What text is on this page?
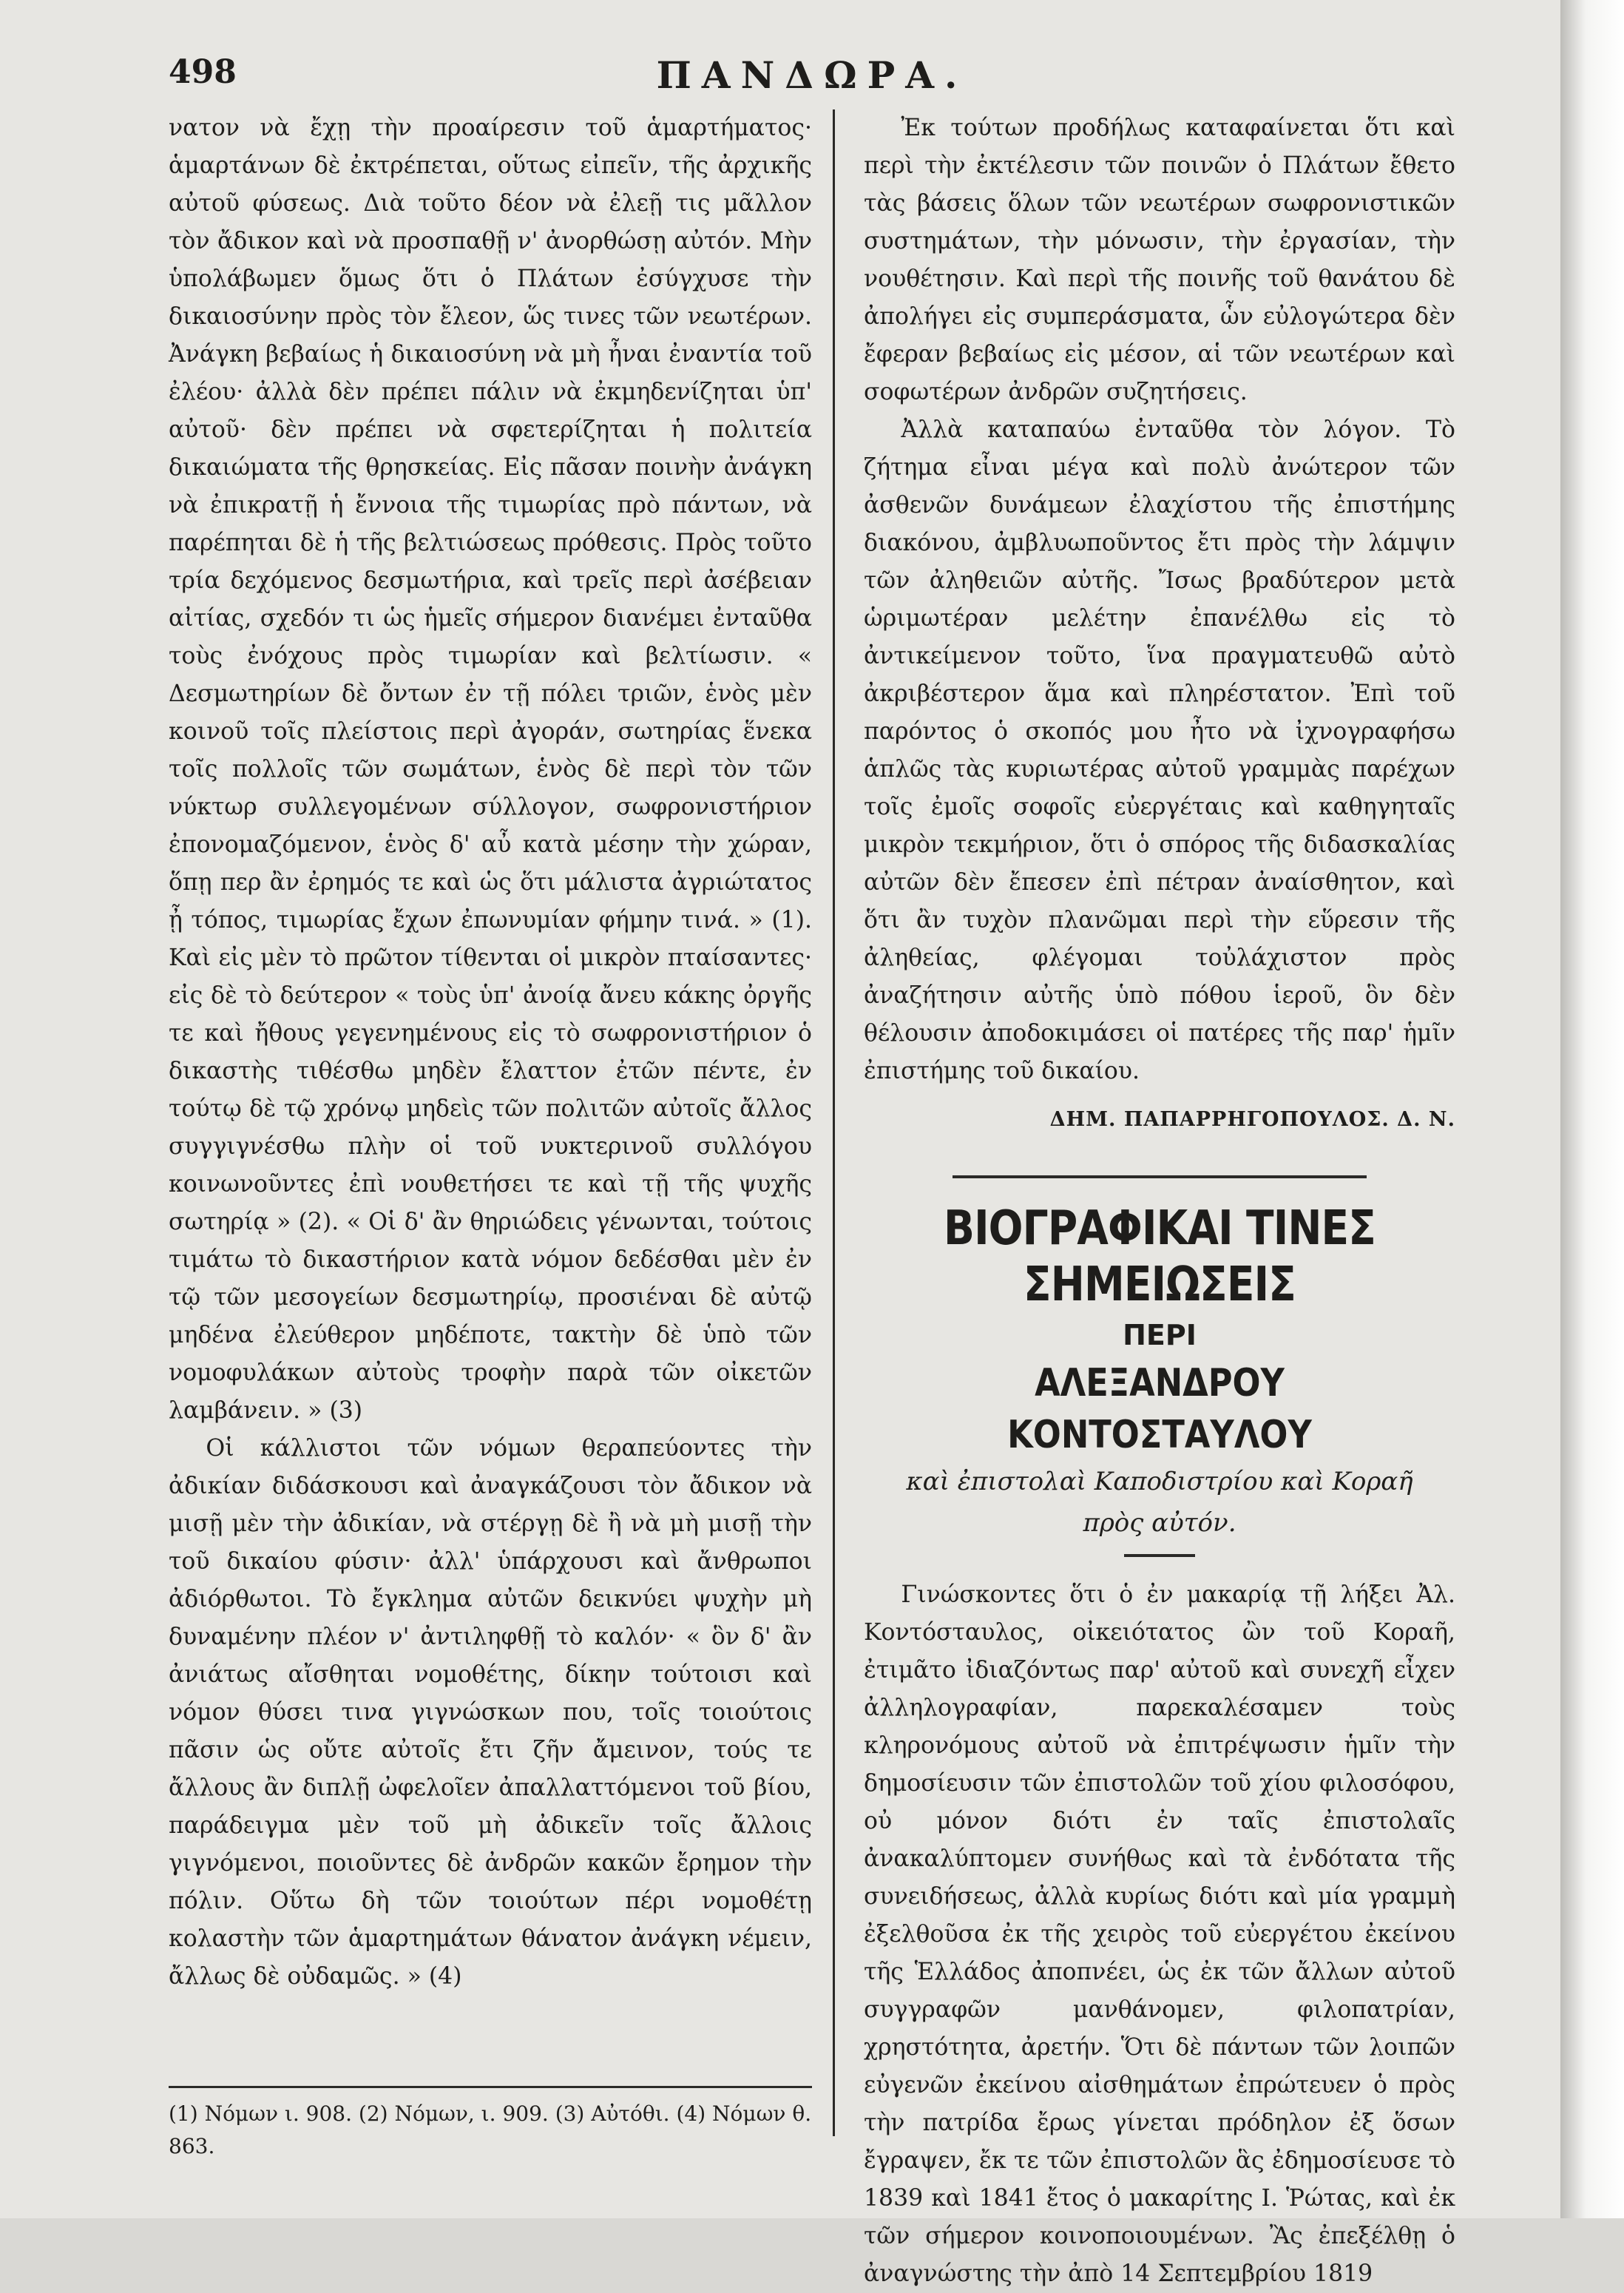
498	ΠΑΝΔΩΡΑ.

νατον νὰ ἔχῃ τὴν προαίρεσιν τοῦ ἁμαρτήματος· ἁμαρτάνων δὲ ἐκτρέπεται, οὕτως εἰπεῖν, τῆς ἀρχικῆς αὐτοῦ φύσεως. Διὰ τοῦτο δέον νὰ ἐλεῇ τις μᾶλλον τὸν ἄδικον καὶ νὰ προσπαθῇ ν' ἀνορθώσῃ αὐτόν. Μὴν ὑπολάβωμεν ὅμως ὅτι ὁ Πλάτων ἐσύγχυσε τὴν δικαιοσύνην πρὸς τὸν ἔλεον, ὥς τινες τῶν νεωτέρων. Ἀνάγκη βεβαίως ἡ δικαιοσύνη νὰ μὴ ἦναι ἐναντία τοῦ ἐλέου· ἀλλὰ δὲν πρέπει πάλιν νὰ ἐκμηδενίζηται ὑπ' αὐτοῦ· δὲν πρέπει νὰ σφετερίζηται ἡ πολιτεία δικαιώματα τῆς θρησκείας. Εἰς πᾶσαν ποινὴν ἀνάγκη νὰ ἐπικρατῇ ἡ ἔννοια τῆς τιμωρίας πρὸ πάντων, νὰ παρέπηται δὲ ἡ τῆς βελτιώσεως πρόθεσις. Πρὸς τοῦτο τρία δεχόμενος δεσμωτήρια, καὶ τρεῖς περὶ ἀσέβειαν αἰτίας, σχεδόν τι ὡς ἡμεῖς σήμερον διανέμει ἐνταῦθα τοὺς ἐνόχους πρὸς τιμωρίαν καὶ βελτίωσιν. « Δεσμωτηρίων δὲ ὄντων ἐν τῇ πόλει τριῶν, ἑνὸς μὲν κοινοῦ τοῖς πλείστοις περὶ ἀγοράν, σωτηρίας ἕνεκα τοῖς πολλοῖς τῶν σωμάτων, ἑνὸς δὲ περὶ τὸν τῶν νύκτωρ συλλεγομένων σύλλογον, σωφρονιστήριον ἐπονομαζόμενον, ἑνὸς δ' αὖ κατὰ μέσην τὴν χώραν, ὅπῃ περ ἂν ἐρημός τε καὶ ὡς ὅτι μάλιστα ἀγριώτατος ᾖ τόπος, τιμωρίας ἔχων ἐπωνυμίαν φήμην τινά. » (1). Καὶ εἰς μὲν τὸ πρῶτον τίθενται οἱ μικρὸν πταίσαντες· εἰς δὲ τὸ δεύτερον « τοὺς ὑπ' ἀνοίᾳ ἄνευ κάκης ὀργῆς τε καὶ ἤθους γεγενημένους εἰς τὸ σωφρονιστήριον ὁ δικαστὴς τιθέσθω μηδὲν ἔλαττον ἐτῶν πέντε, ἐν τούτῳ δὲ τῷ χρόνῳ μηδεὶς τῶν πολιτῶν αὐτοῖς ἄλλος συγγιγνέσθω πλὴν οἱ τοῦ νυκτερινοῦ συλλόγου κοινωνοῦντες ἐπὶ νουθετήσει τε καὶ τῇ τῆς ψυχῆς σωτηρίᾳ » (2). « Οἱ δ' ἂν θηριώδεις γένωνται, τούτοις τιμάτω τὸ δικαστήριον κατὰ νόμον δεδέσθαι μὲν ἐν τῷ τῶν μεσογείων δεσμωτηρίῳ, προσιέναι δὲ αὐτῷ μηδένα ἐλεύθερον μηδέποτε, τακτὴν δὲ ὑπὸ τῶν νομοφυλάκων αὐτοὺς τροφὴν παρὰ τῶν οἰκετῶν λαμβάνειν. » (3)

Οἱ κάλλιστοι τῶν νόμων θεραπεύοντες τὴν ἀδικίαν διδάσκουσι καὶ ἀναγκάζουσι τὸν ἄδικον νὰ μισῇ μὲν τὴν ἀδικίαν, νὰ στέργῃ δὲ ἢ νὰ μὴ μισῇ τὴν τοῦ δικαίου φύσιν· ἀλλ' ὑπάρχουσι καὶ ἄνθρωποι ἀδιόρθωτοι. Τὸ ἔγκλημα αὐτῶν δεικνύει ψυχὴν μὴ δυναμένην πλέον ν' ἀντιληφθῇ τὸ καλόν· « ὃν δ' ἂν ἀνιάτως αἴσθηται νομοθέτης, δίκην τούτοισι καὶ νόμον θύσει τινα γιγνώσκων που, τοῖς τοιούτοις πᾶσιν ὡς οὔτε αὐτοῖς ἔτι ζῆν ἄμεινον, τούς τε ἄλλους ἂν διπλῇ ὠφελοῖεν ἀπαλλαττόμενοι τοῦ βίου, παράδειγμα μὲν τοῦ μὴ ἀδικεῖν τοῖς ἄλλοις γιγνόμενοι, ποιοῦντες δὲ ἀνδρῶν κακῶν ἔρημον τὴν πόλιν. Οὕτω δὴ τῶν τοιούτων πέρι νομοθέτῃ κολαστὴν τῶν ἁμαρτημάτων θάνατον ἀνάγκη νέμειν, ἄλλως δὲ οὐδαμῶς. » (4)

Ἐκ τούτων προδήλως καταφαίνεται ὅτι καὶ περὶ τὴν ἐκτέλεσιν τῶν ποινῶν ὁ Πλάτων ἔθετο τὰς βάσεις ὅλων τῶν νεωτέρων σωφρονιστικῶν συστημάτων, τὴν μόνωσιν, τὴν ἐργασίαν, τὴν νουθέτησιν. Καὶ περὶ τῆς ποινῆς τοῦ θανάτου δὲ ἀπολήγει εἰς συμπεράσματα, ὧν εὐλογώτερα δὲν ἔφεραν βεβαίως εἰς μέσον, αἱ τῶν νεωτέρων καὶ σοφωτέρων ἀνδρῶν συζητήσεις.

Ἀλλὰ καταπαύω ἐνταῦθα τὸν λόγον. Τὸ ζήτημα εἶναι μέγα καὶ πολὺ ἀνώτερον τῶν ἀσθενῶν δυνάμεων ἐλαχίστου τῆς ἐπιστήμης διακόνου, ἀμβλυωποῦντος ἔτι πρὸς τὴν λάμψιν τῶν ἀληθειῶν αὐτῆς. Ἴσως βραδύτερον μετὰ ὡριμωτέραν μελέτην ἐπανέλθω εἰς τὸ ἀντικείμενον τοῦτο, ἵνα πραγματευθῶ αὐτὸ ἀκριβέστερον ἅμα καὶ πληρέστατον. Ἐπὶ τοῦ παρόντος ὁ σκοπός μου ἦτο νὰ ἰχνογραφήσω ἁπλῶς τὰς κυριωτέρας αὐτοῦ γραμμὰς παρέχων τοῖς ἐμοῖς σοφοῖς εὐεργέταις καὶ καθηγηταῖς μικρὸν τεκμήριον, ὅτι ὁ σπόρος τῆς διδασκαλίας αὐτῶν δὲν ἔπεσεν ἐπὶ πέτραν ἀναίσθητον, καὶ ὅτι ἂν τυχὸν πλανῶμαι περὶ τὴν εὕρεσιν τῆς ἀληθείας, φλέγομαι τοὐλάχιστον πρὸς ἀναζήτησιν αὐτῆς ὑπὸ πόθου ἱεροῦ, ὃν δὲν θέλουσιν ἀποδοκιμάσει οἱ πατέρες τῆς παρ' ἡμῖν ἐπιστήμης τοῦ δικαίου.

ΔΗΜ. ΠΑΠΑΡΡΗΓΟΠΟΥΛΟΣ. Δ. Ν.

ΒΙΟΓΡΑΦΙΚΑΙ ΤΙΝΕΣ ΣΗΜΕΙΩΣΕΙΣ
ΠΕΡΙ
ΑΛΕΞΑΝΔΡΟΥ ΚΟΝΤΟΣΤΑΥΛΟΥ
καὶ ἐπιστολαὶ Καποδιστρίου καὶ Κοραῆ
πρὸς αὐτόν.

Γινώσκοντες ὅτι ὁ ἐν μακαρίᾳ τῇ λήξει Ἀλ. Κοντόσταυλος, οἰκειότατος ὢν τοῦ Κοραῆ, ἐτιμᾶτο ἰδιαζόντως παρ' αὐτοῦ καὶ συνεχῆ εἶχεν ἀλληλογραφίαν, παρεκαλέσαμεν τοὺς κληρονόμους αὐτοῦ νὰ ἐπιτρέψωσιν ἡμῖν τὴν δημοσίευσιν τῶν ἐπιστολῶν τοῦ χίου φιλοσόφου, οὐ μόνον διότι ἐν ταῖς ἐπιστολαῖς ἀνακαλύπτομεν συνήθως καὶ τὰ ἐνδότατα τῆς συνειδήσεως, ἀλλὰ κυρίως διότι καὶ μία γραμμὴ ἐξελθοῦσα ἐκ τῆς χειρὸς τοῦ εὐεργέτου ἐκείνου τῆς Ἑλλάδος ἀποπνέει, ὡς ἐκ τῶν ἄλλων αὐτοῦ συγγραφῶν μανθάνομεν, φιλοπατρίαν, χρηστότητα, ἀρετήν. Ὅτι δὲ πάντων τῶν λοιπῶν εὐγενῶν ἐκείνου αἰσθημάτων ἐπρώτευεν ὁ πρὸς τὴν πατρίδα ἔρως γίνεται πρόδηλον ἐξ ὅσων ἔγραψεν, ἔκ τε τῶν ἐπιστολῶν ἃς ἐδημοσίευσε τὸ 1839 καὶ 1841 ἔτος ὁ μακαρίτης Ι. Ῥώτας, καὶ ἐκ τῶν σήμερον κοινοποιουμένων. Ἂς ἐπεξέλθῃ ὁ ἀναγνώστης τὴν ἀπὸ 14 Σεπτεμβρίου 1819

(1) Νόμων ι. 908. (2) Νόμων, ι. 909. (3) Αὐτόθι. (4) Νόμων θ. 863.
